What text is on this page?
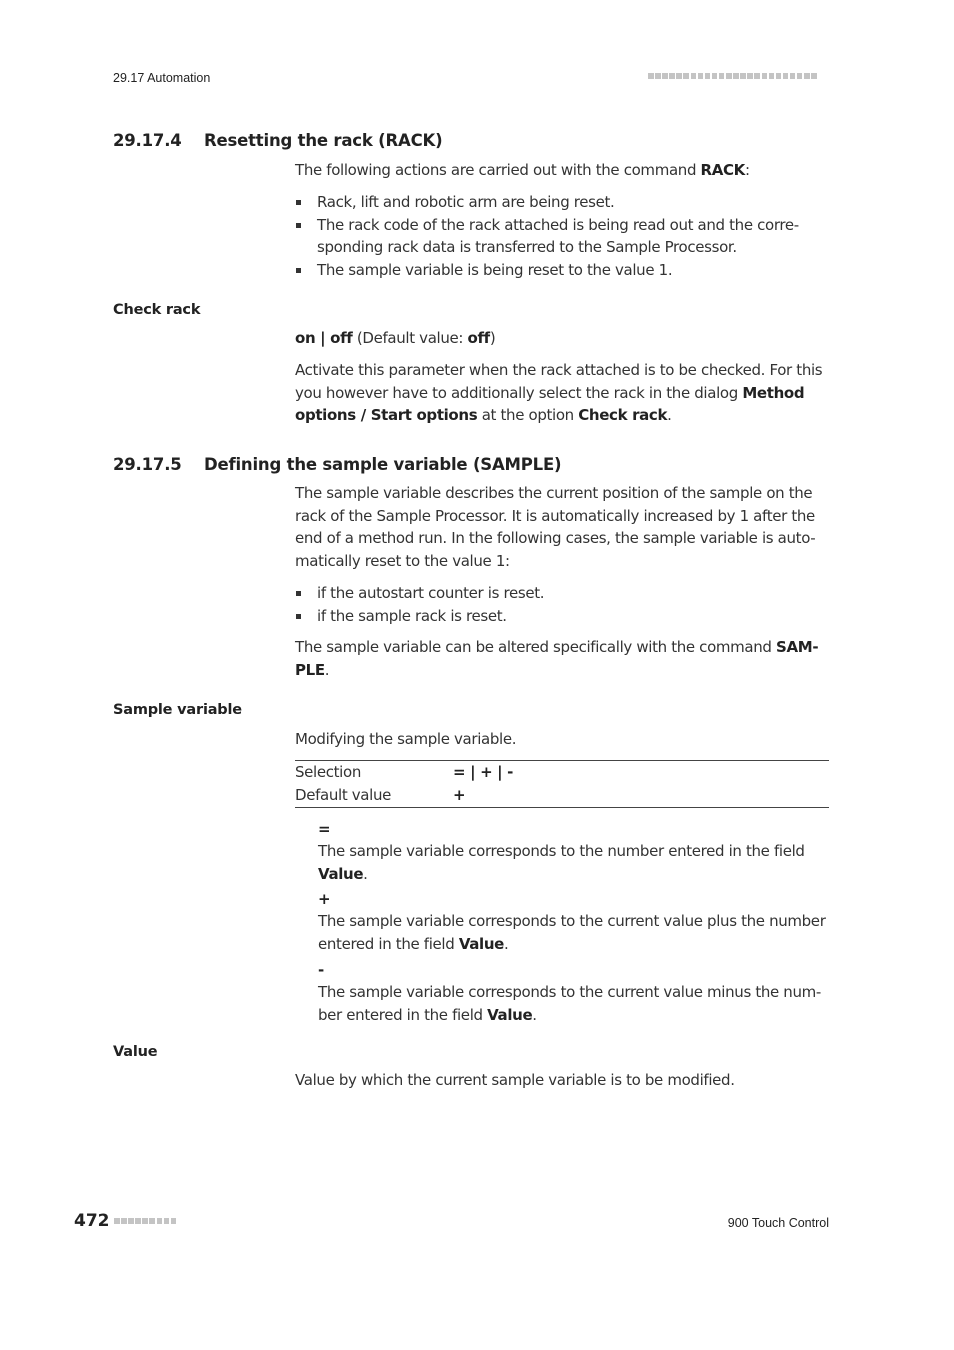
29.17 Automation
29.17.4 Resetting the rack (RACK)

The following actions are carried out with the command RACK:

Rack, lift and robotic arm are being reset.
The rack code of the rack attached is being read out and the corre-sponding rack data is transferred to the Sample Processor.
The sample variable is being reset to the value 1.
Check rack

on | off (Default value: off)

Activate this parameter when the rack attached is to be checked. For this you however have to additionally select the rack in the dialog Method options / Start options at the option Check rack.

29.17.5 Defining the sample variable (SAMPLE)

The sample variable describes the current position of the sample on the rack of the Sample Processor. It is automatically increased by 1 after the end of a method run. In the following cases, the sample variable is auto-matically reset to the value 1:

if the autostart counter is reset.
if the sample rack is reset.

The sample variable can be altered specifically with the command SAM-PLE.

Sample variable

Modifying the sample variable.

Selection	= | + | -
Default value	+
=

The sample variable corresponds to the number entered in the field Value.

+

The sample variable corresponds to the current value plus the number entered in the field Value.

-

The sample variable corresponds to the current value minus the num-ber entered in the field Value.

Value

Value by which the current sample variable is to be modified.

472	900 Touch Control
